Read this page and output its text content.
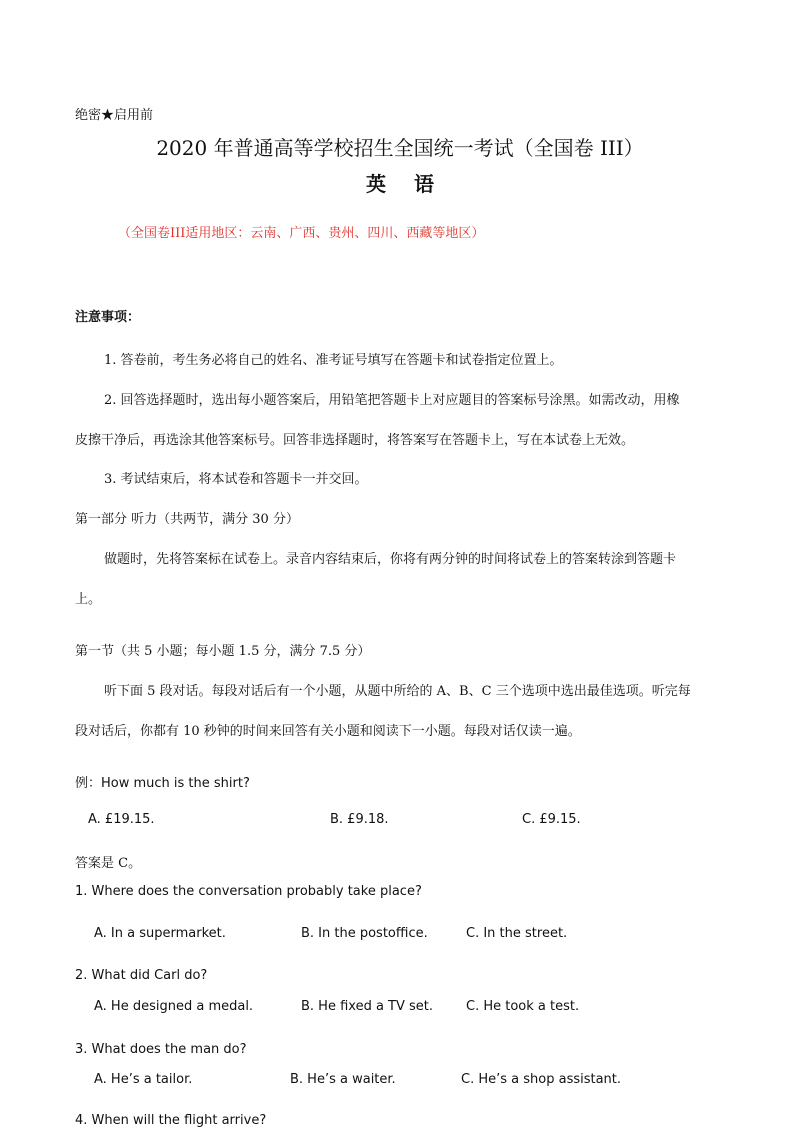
绝密★启用前
2020 年普通高等学校招生全国统一考试（全国卷 III）
英语
（全国卷III适用地区：云南、广西、贵州、四川、西藏等地区）
注意事项：
1. 答卷前，考生务必将自己的姓名、准考证号填写在答题卡和试卷指定位置上。
2. 回答选择题时，选出每小题答案后，用铅笔把答题卡上对应题目的答案标号涂黑。如需改动，用橡
皮擦干净后，再选涂其他答案标号。回答非选择题时，将答案写在答题卡上，写在本试卷上无效。
3. 考试结束后，将本试卷和答题卡一并交回。
第一部分 听力（共两节，满分 30 分）
做题时，先将答案标在试卷上。录音内容结束后，你将有两分钟的时间将试卷上的答案转涂到答题卡
上。
第一节（共 5 小题；每小题 1.5 分，满分 7.5 分）
听下面 5 段对话。每段对话后有一个小题，从题中所给的 A、B、C 三个选项中选出最佳选项。听完每
段对话后，你都有 10 秒钟的时间来回答有关小题和阅读下一小题。每段对话仅读一遍。
例：How much is the shirt?
A. £19.15.	B. £9.18.	C. £9.15.
答案是 C。
1. Where does the conversation probably take place?
A. In a supermarket.	B. In the postoffice.	C. In the street.
2. What did Carl do?
A. He designed a medal.	B. He fixed a TV set.	C. He took a test.
3. What does the man do?
A. He’s a tailor.	B. He’s a waiter.	C. He’s a shop assistant.
4. When will the flight arrive?
